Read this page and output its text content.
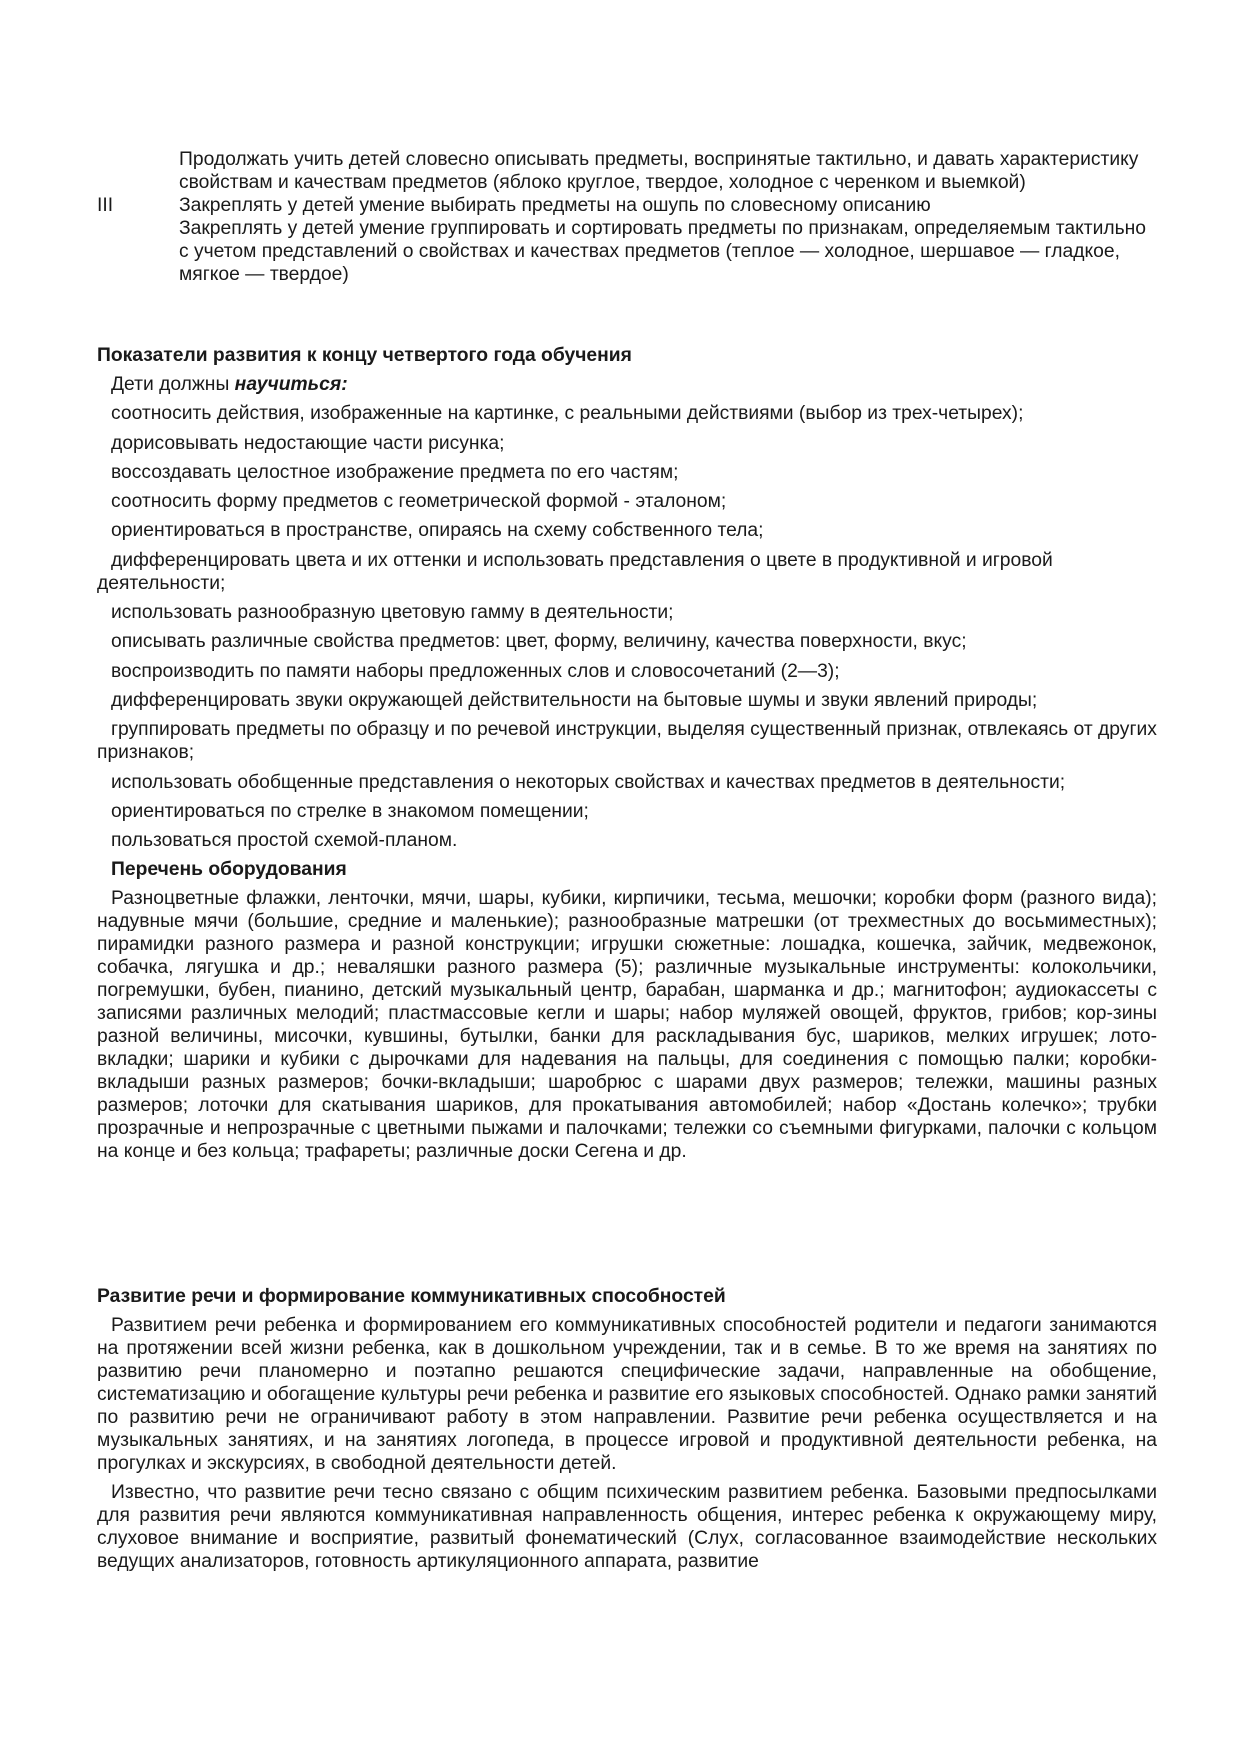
Продолжать учить детей словесно описывать предметы, воспринятые тактильно, и давать характеристику свойствам и качествам предметов (яблоко круглое, твердое, холодное с черенком и выемкой)
III	Закреплять у детей умение выбирать предметы на ошупь по словесному описанию
Закреплять у детей умение группировать и сортировать предметы по признакам, определяемым тактильно с учетом представлений о свойствах и качествах предметов (теплое — холодное, шершавое — гладкое, мягкое — твердое)
Показатели развития к концу четвертого года обучения

Дети должны научиться:

соотносить действия, изображенные на картинке, с реальными действиями (выбор из трех-четырех);

дорисовывать недостающие части рисунка;

воссоздавать целостное изображение предмета по его частям;

соотносить форму предметов с геометрической формой - эталоном;

ориентироваться в пространстве, опираясь на схему собственного тела;

дифференцировать цвета и их оттенки и использовать представления о цвете в продуктивной и игровой деятельности;

использовать разнообразную цветовую гамму в деятельности;

описывать различные свойства предметов: цвет, форму, величину, качества поверхности, вкус;

воспроизводить по памяти наборы предложенных слов и словосочетаний (2—3);

дифференцировать звуки окружающей действительности на бытовые шумы и звуки явлений природы;

группировать предметы по образцу и по речевой инструкции, выделяя существенный признак, отвлекаясь от других признаков;

использовать обобщенные представления о некоторых свойствах и качествах предметов в деятельности;

ориентироваться по стрелке в знакомом помещении;

пользоваться простой схемой-планом.

Перечень оборудования

Разноцветные флажки, ленточки, мячи, шары, кубики, кирпичики, тесьма, мешочки; коробки форм (разного вида); надувные мячи (большие, средние и маленькие); разнообразные матрешки (от трехместных до восьмиместных); пирамидки разного размера и разной конструкции; игрушки сюжетные: лошадка, кошечка, зайчик, медвежонок, собачка, лягушка и др.; неваляшки разного размера (5); различные музыкальные инструменты: колокольчики, погремушки, бубен, пианино, детский музыкальный центр, барабан, шарманка и др.; магнитофон; аудиокассеты с записями различных мелодий; пластмассовые кегли и шары; набор муляжей овощей, фруктов, грибов; кор-зины разной величины, мисочки, кувшины, бутылки, банки для раскладывания бус, шариков, мелких игрушек; лото-вкладки; шарики и кубики с дырочками для надевания на пальцы, для соединения с помощью палки; коробки-вкладыши разных размеров; бочки-вкладыши; шаробрюс с шарами двух размеров; тележки, машины разных размеров; лоточки для скатывания шариков, для прокатывания автомобилей; набор «Достань колечко»; трубки прозрачные и непрозрачные с цветными пыжами и палочками; тележки со съемными фигурками, палочки с кольцом на конце и без кольца; трафареты; различные доски Сегена и др.

Развитие речи и формирование коммуникативных способностей

Развитием речи ребенка и формированием его коммуникативных способностей родители и педагоги занимаются на протяжении всей жизни ребенка, как в дошкольном учреждении, так и в семье. В то же время на занятиях по развитию речи планомерно и поэтапно решаются специфические задачи, направленные на обобщение, систематизацию и обогащение культуры речи ребенка и развитие его языковых способностей. Однако рамки занятий по развитию речи не ограничивают работу в этом направлении. Развитие речи ребенка осуществляется и на музыкальных занятиях, и на занятиях логопеда, в процессе игровой и продуктивной деятельности ребенка, на прогулках и экскурсиях, в свободной деятельности детей.

Известно, что развитие речи тесно связано с общим психическим развитием ребенка. Базовыми предпосылками для развития речи являются коммуникативная направленность общения, интерес ребенка к окружающему миру, слуховое внимание и восприятие, развитый фонематический (Слух, согласованное взаимодействие нескольких ведущих анализаторов, готовность артикуляционного аппарата, развитие
